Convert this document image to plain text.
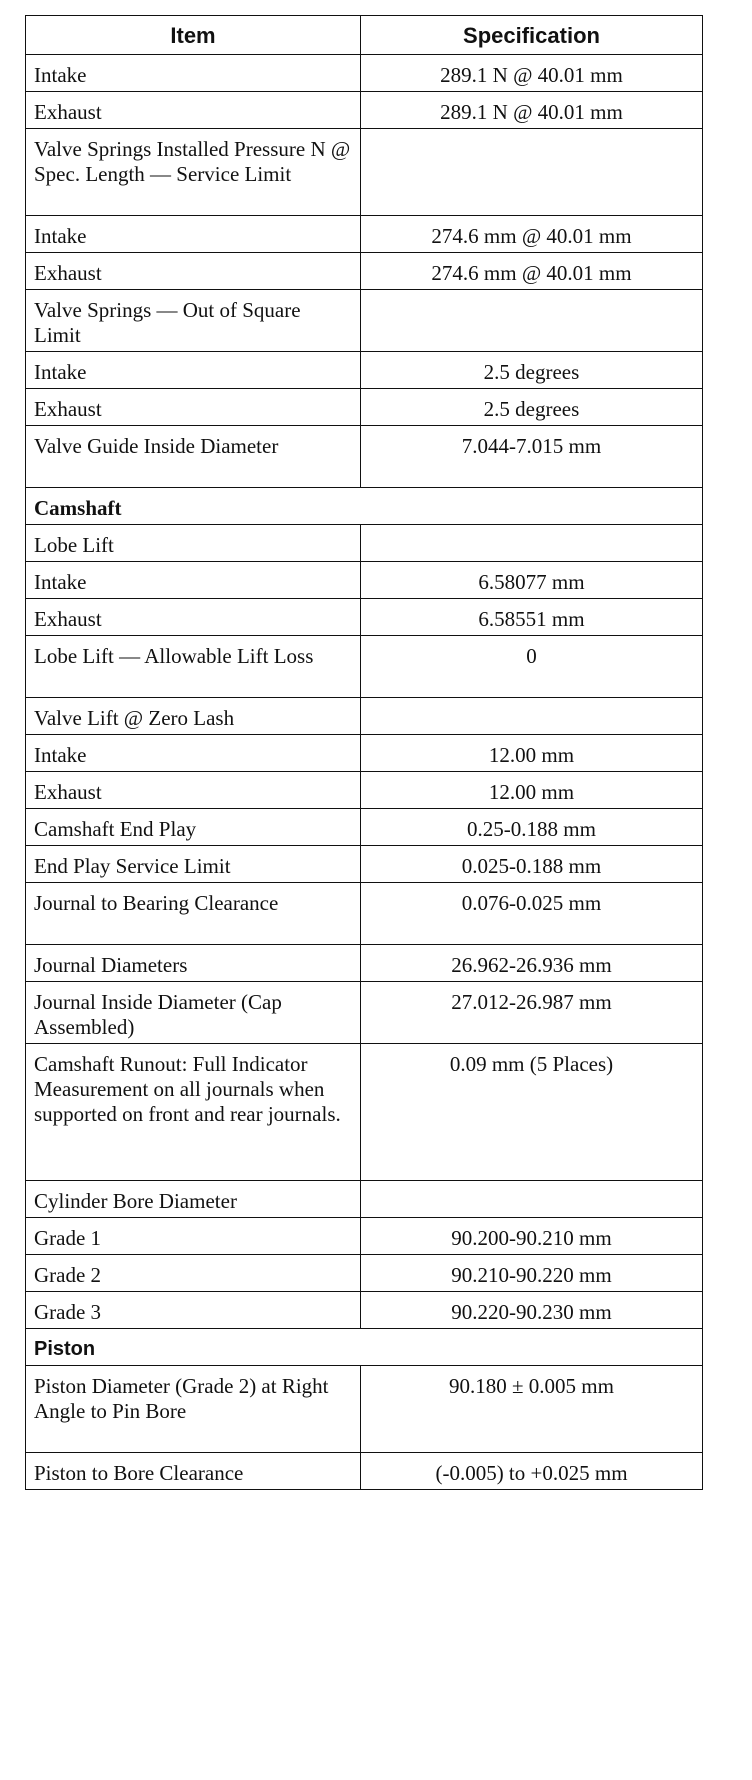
Item	Specification
Intake	289.1 N @ 40.01 mm
Exhaust	289.1 N @ 40.01 mm
Valve Springs Installed Pressure N @ Spec. Length — Service Limit	
Intake	274.6 mm @ 40.01 mm
Exhaust	274.6 mm @ 40.01 mm
Valve Springs — Out of Square Limit	
Intake	2.5 degrees
Exhaust	2.5 degrees
Valve Guide Inside Diameter	7.044-7.015 mm
Camshaft	
Lobe Lift	
Intake	6.58077 mm
Exhaust	6.58551 mm
Lobe Lift — Allowable Lift Loss	0
Valve Lift @ Zero Lash	
Intake	12.00 mm
Exhaust	12.00 mm
Camshaft End Play	0.25-0.188 mm
End Play Service Limit	0.025-0.188 mm
Journal to Bearing Clearance	0.076-0.025 mm
Journal Diameters	26.962-26.936 mm
Journal Inside Diameter (Cap Assembled)	27.012-26.987 mm
Camshaft Runout: Full Indicator Measurement on all journals when supported on front and rear journals.	0.09 mm (5 Places)
Cylinder Bore Diameter	
Grade 1	90.200-90.210 mm
Grade 2	90.210-90.220 mm
Grade 3	90.220-90.230 mm
Piston	
Piston Diameter (Grade 2) at Right Angle to Pin Bore	90.180 ± 0.005 mm
Piston to Bore Clearance	(-0.005) to +0.025 mm
